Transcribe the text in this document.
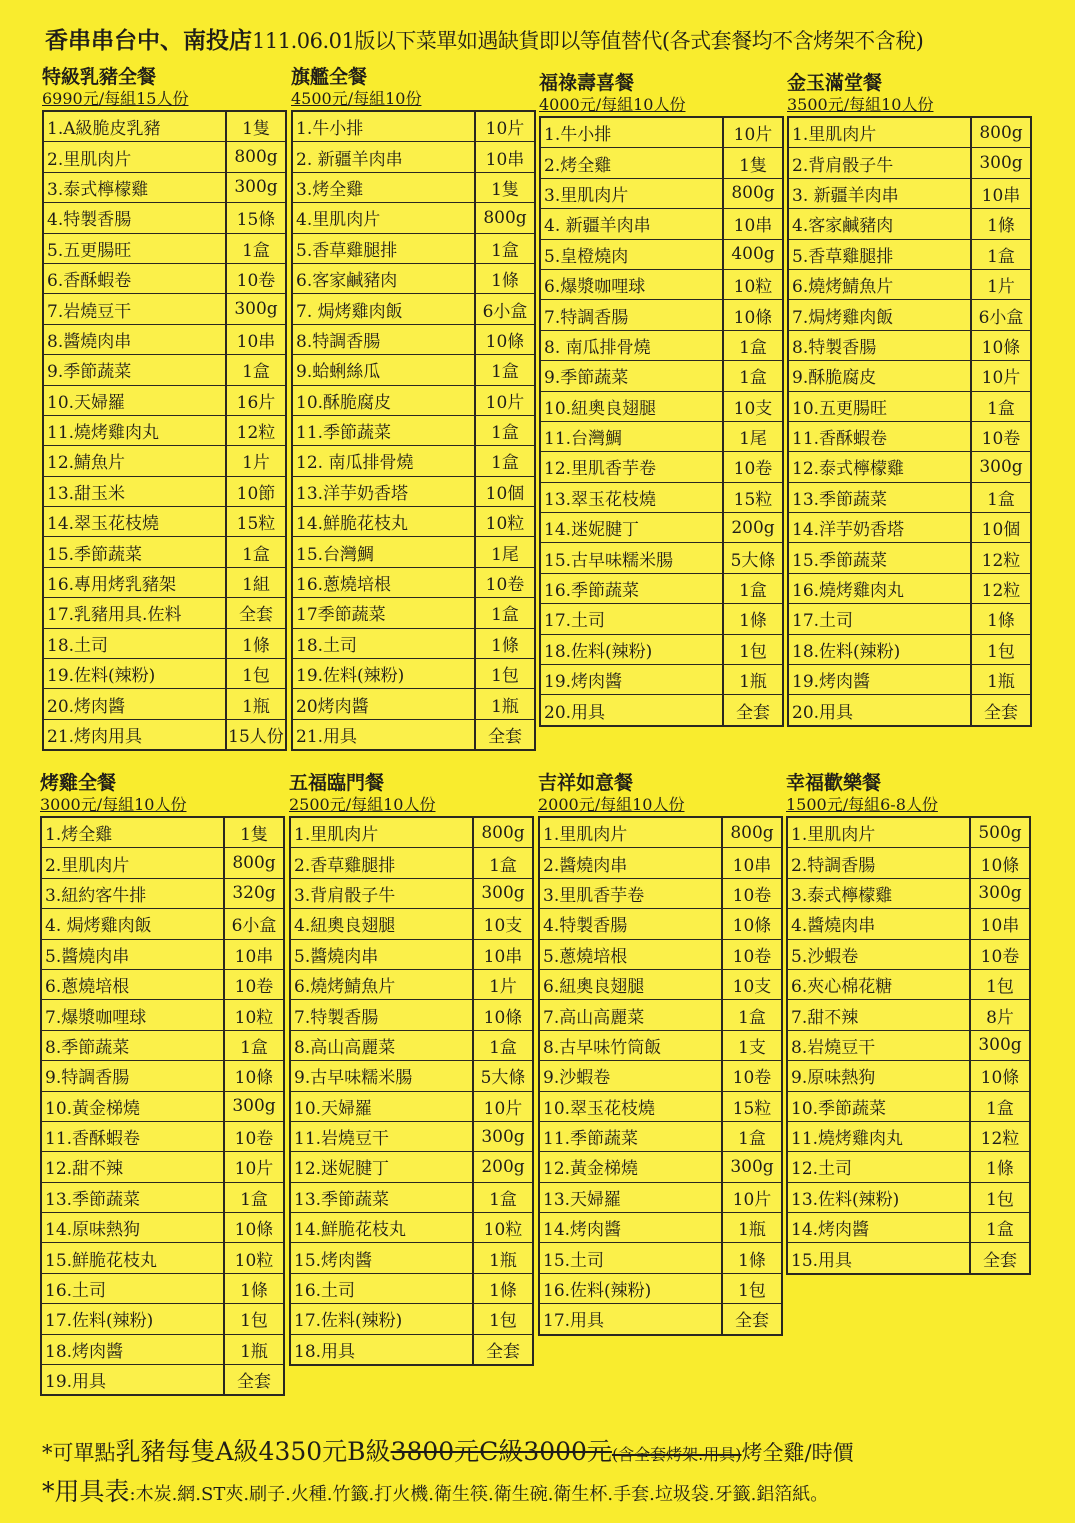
香串串台中、南投店111.06.01版以下菜單如遇缺貨即以等值替代(各式套餐均不含烤架不含稅)
特級乳豬全餐
6990元/每組15人份
1.A級脆皮乳豬	1隻
2.里肌肉片	800g
3.泰式檸檬雞	300g
4.特製香腸	15條
5.五更腸旺	1盒
6.香酥蝦卷	10卷
7.岩燒豆干	300g
8.醬燒肉串	10串
9.季節蔬菜	1盒
10.天婦羅	16片
11.燒烤雞肉丸	12粒
12.鯖魚片	1片
13.甜玉米	10節
14.翠玉花枝燒	15粒
15.季節蔬菜	1盒
16.專用烤乳豬架	1組
17.乳豬用具.佐料	全套
18.土司	1條
19.佐料(辣粉)	1包
20.烤肉醬	1瓶
21.烤肉用具	15人份
旗艦全餐
4500元/每組10份
1.牛小排	10片
2. 新疆羊肉串	10串
3.烤全雞	1隻
4.里肌肉片	800g
5.香草雞腿排	1盒
6.客家鹹豬肉	1條
7. 焗烤雞肉飯	6小盒
8.特調香腸	10條
9.蛤蜊絲瓜	1盒
10.酥脆腐皮	10片
11.季節蔬菜	1盒
12. 南瓜排骨燒	1盒
13.洋芋奶香塔	10個
14.鮮脆花枝丸	10粒
15.台灣鯛	1尾
16.蔥燒培根	10卷
17季節蔬菜	1盒
18.土司	1條
19.佐料(辣粉)	1包
20烤肉醬	1瓶
21.用具	全套
福祿壽喜餐
4000元/每組10人份
1.牛小排	10片
2.烤全雞	1隻
3.里肌肉片	800g
4. 新疆羊肉串	10串
5.皇橙燒肉	400g
6.爆漿咖哩球	10粒
7.特調香腸	10條
8. 南瓜排骨燒	1盒
9.季節蔬菜	1盒
10.紐奧良翅腿	10支
11.台灣鯛	1尾
12.里肌香芋卷	10卷
13.翠玉花枝燒	15粒
14.迷妮腱丁	200g
15.古早味糯米腸	5大條
16.季節蔬菜	1盒
17.土司	1條
18.佐料(辣粉)	1包
19.烤肉醬	1瓶
20.用具	全套
金玉滿堂餐
3500元/每組10人份
1.里肌肉片	800g
2.背肩骰子牛	300g
3. 新疆羊肉串	10串
4.客家鹹豬肉	1條
5.香草雞腿排	1盒
6.燒烤鯖魚片	1片
7.焗烤雞肉飯	6小盒
8.特製香腸	10條
9.酥脆腐皮	10片
10.五更腸旺	1盒
11.香酥蝦卷	10卷
12.泰式檸檬雞	300g
13.季節蔬菜	1盒
14.洋芋奶香塔	10個
15.季節蔬菜	12粒
16.燒烤雞肉丸	12粒
17.土司	1條
18.佐料(辣粉)	1包
19.烤肉醬	1瓶
20.用具	全套
烤雞全餐
3000元/每組10人份
1.烤全雞	1隻
2.里肌肉片	800g
3.紐約客牛排	320g
4. 焗烤雞肉飯	6小盒
5.醬燒肉串	10串
6.蔥燒培根	10卷
7.爆漿咖哩球	10粒
8.季節蔬菜	1盒
9.特調香腸	10條
10.黃金梯燒	300g
11.香酥蝦卷	10卷
12.甜不辣	10片
13.季節蔬菜	1盒
14.原味熱狗	10條
15.鮮脆花枝丸	10粒
16.土司	1條
17.佐料(辣粉)	1包
18.烤肉醬	1瓶
19.用具	全套
五福臨門餐
2500元/每組10人份
1.里肌肉片	800g
2.香草雞腿排	1盒
3.背肩骰子牛	300g
4.紐奧良翅腿	10支
5.醬燒肉串	10串
6.燒烤鯖魚片	1片
7.特製香腸	10條
8.高山高麗菜	1盒
9.古早味糯米腸	5大條
10.天婦羅	10片
11.岩燒豆干	300g
12.迷妮腱丁	200g
13.季節蔬菜	1盒
14.鮮脆花枝丸	10粒
15.烤肉醬	1瓶
16.土司	1條
17.佐料(辣粉)	1包
18.用具	全套
吉祥如意餐
2000元/每組10人份
1.里肌肉片	800g
2.醬燒肉串	10串
3.里肌香芋卷	10卷
4.特製香腸	10條
5.蔥燒培根	10卷
6.紐奧良翅腿	10支
7.高山高麗菜	1盒
8.古早味竹筒飯	1支
9.沙蝦卷	10卷
10.翠玉花枝燒	15粒
11.季節蔬菜	1盒
12.黃金梯燒	300g
13.天婦羅	10片
14.烤肉醬	1瓶
15.土司	1條
16.佐料(辣粉)	1包
17.用具	全套
幸福歡樂餐
1500元/每組6-8人份
1.里肌肉片	500g
2.特調香腸	10條
3.泰式檸檬雞	300g
4.醬燒肉串	10串
5.沙蝦卷	10卷
6.夾心棉花糖	1包
7.甜不辣	8片
8.岩燒豆干	300g
9.原味熱狗	10條
10.季節蔬菜	1盒
11.燒烤雞肉丸	12粒
12.土司	1條
13.佐料(辣粉)	1包
14.烤肉醬	1盒
15.用具	全套
*可單點乳豬每隻A級4350元B級3800元C級3000元(含全套烤架.用具)烤全雞/時價
*用具表:木炭.網.ST夾.刷子.火種.竹籤.打火機.衛生筷.衛生碗.衛生杯.手套.垃圾袋.牙籤.鋁箔紙。
